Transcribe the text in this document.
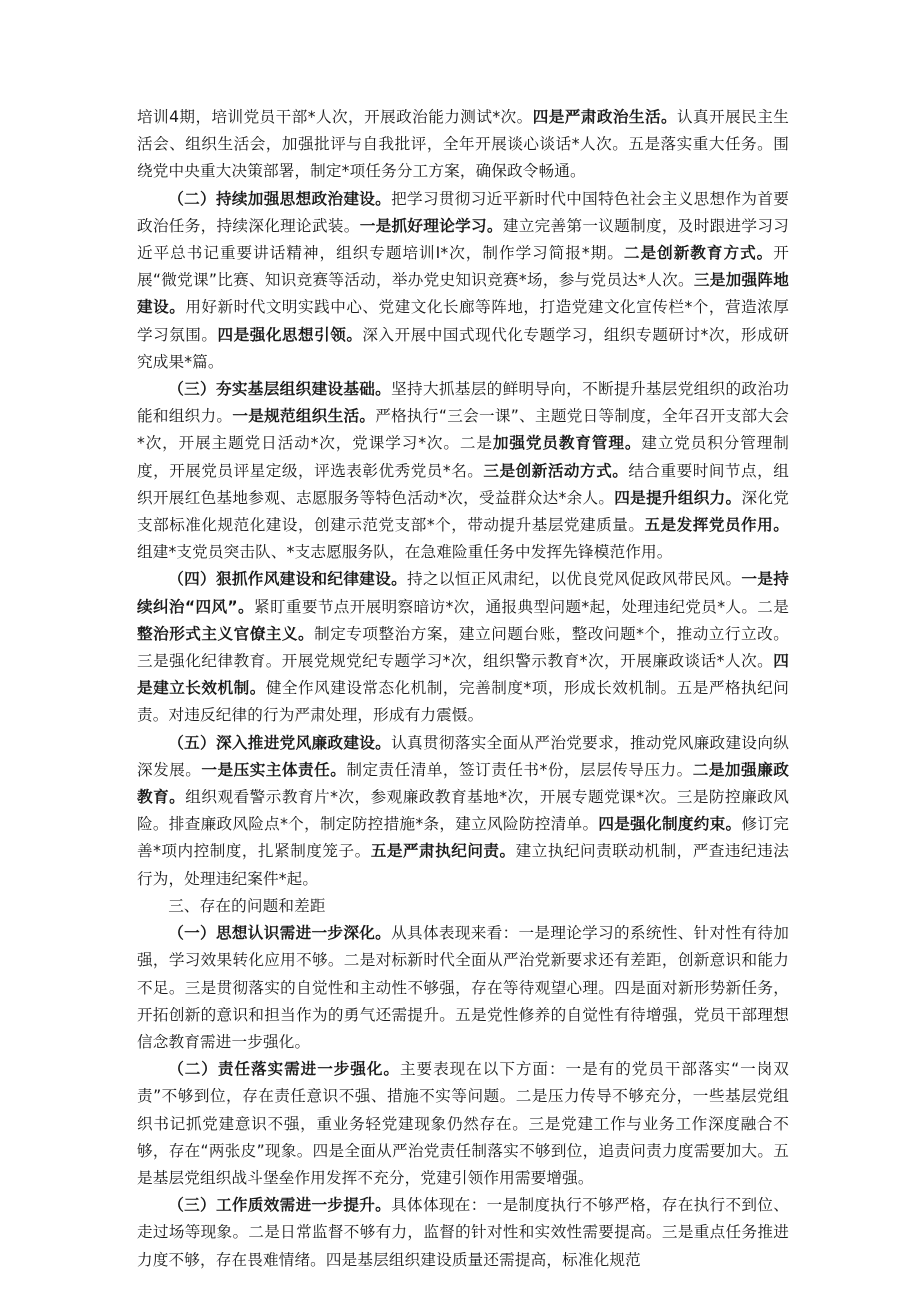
培训4期，培训党员干部*人次，开展政治能力测试*次。四是严肃政治生活。认真开展民主生活会、组织生活会，加强批评与自我批评，全年开展谈心谈话*人次。五是落实重大任务。围绕党中央重大决策部署，制定*项任务分工方案，确保政令畅通。

（二）持续加强思想政治建设。把学习贯彻习近平新时代中国特色社会主义思想作为首要政治任务，持续深化理论武装。一是抓好理论学习。建立完善第一议题制度，及时跟进学习习近平总书记重要讲话精神，组织专题培训I*次，制作学习简报*期。二是创新教育方式。开展“微党课”比赛、知识竞赛等活动，举办党史知识竞赛*场，参与党员达*人次。三是加强阵地建设。用好新时代文明实践中心、党建文化长廊等阵地，打造党建文化宣传栏*个，营造浓厚学习氛围。四是强化思想引领。深入开展中国式现代化专题学习，组织专题研讨*次，形成研究成果*篇。

（三）夯实基层组织建设基础。坚持大抓基层的鲜明导向，不断提升基层党组织的政治功能和组织力。一是规范组织生活。严格执行“三会一课”、主题党日等制度，全年召开支部大会*次，开展主题党日活动*次，党课学习*次。二是加强党员教育管理。建立党员积分管理制度，开展党员评星定级，评选表彰优秀党员*名。三是创新活动方式。结合重要时间节点，组织开展红色基地参观、志愿服务等特色活动*次，受益群众达*余人。四是提升组织力。深化党支部标准化规范化建设，创建示范党支部*个，带动提升基层党建质量。五是发挥党员作用。组建*支党员突击队、*支志愿服务队，在急难险重任务中发挥先锋模范作用。

（四）狠抓作风建设和纪律建设。持之以恒正风肃纪，以优良党风促政风带民风。一是持续纠治“四风”。紧盯重要节点开展明察暗访*次，通报典型问题*起，处理违纪党员*人。二是整治形式主义官僚主义。制定专项整治方案，建立问题台账，整改问题*个，推动立行立改。三是强化纪律教育。开展党规党纪专题学习*次，组织警示教育*次，开展廉政谈话*人次。四是建立长效机制。健全作风建设常态化机制，完善制度*项，形成长效机制。五是严格执纪问责。对违反纪律的行为严肃处理，形成有力震慑。

（五）深入推进党风廉政建设。认真贯彻落实全面从严治党要求，推动党风廉政建设向纵深发展。一是压实主体责任。制定责任清单，签订责任书*份，层层传导压力。二是加强廉政教育。组织观看警示教育片*次，参观廉政教育基地*次，开展专题党课*次。三是防控廉政风险。排查廉政风险点*个，制定防控措施*条，建立风险防控清单。四是强化制度约束。修订完善*项内控制度，扎紧制度笼子。五是严肃执纪问责。建立执纪问责联动机制，严查违纪违法行为，处理违纪案件*起。

三、存在的问题和差距

（一）思想认识需进一步深化。从具体表现来看：一是理论学习的系统性、针对性有待加强，学习效果转化应用不够。二是对标新时代全面从严治党新要求还有差距，创新意识和能力不足。三是贯彻落实的自觉性和主动性不够强，存在等待观望心理。四是面对新形势新任务，开拓创新的意识和担当作为的勇气还需提升。五是党性修养的自觉性有待增强，党员干部理想信念教育需进一步强化。

（二）责任落实需进一步强化。主要表现在以下方面：一是有的党员干部落实“一岗双责”不够到位，存在责任意识不强、措施不实等问题。二是压力传导不够充分，一些基层党组织书记抓党建意识不强，重业务轻党建现象仍然存在。三是党建工作与业务工作深度融合不够，存在“两张皮”现象。四是全面从严治党责任制落实不够到位，追责问责力度需要加大。五是基层党组织战斗堡垒作用发挥不充分，党建引领作用需要增强。

（三）工作质效需进一步提升。具体体现在：一是制度执行不够严格，存在执行不到位、走过场等现象。二是日常监督不够有力，监督的针对性和实效性需要提高。三是重点任务推进力度不够，存在畏难情绪。四是基层组织建设质量还需提高，标准化规范
